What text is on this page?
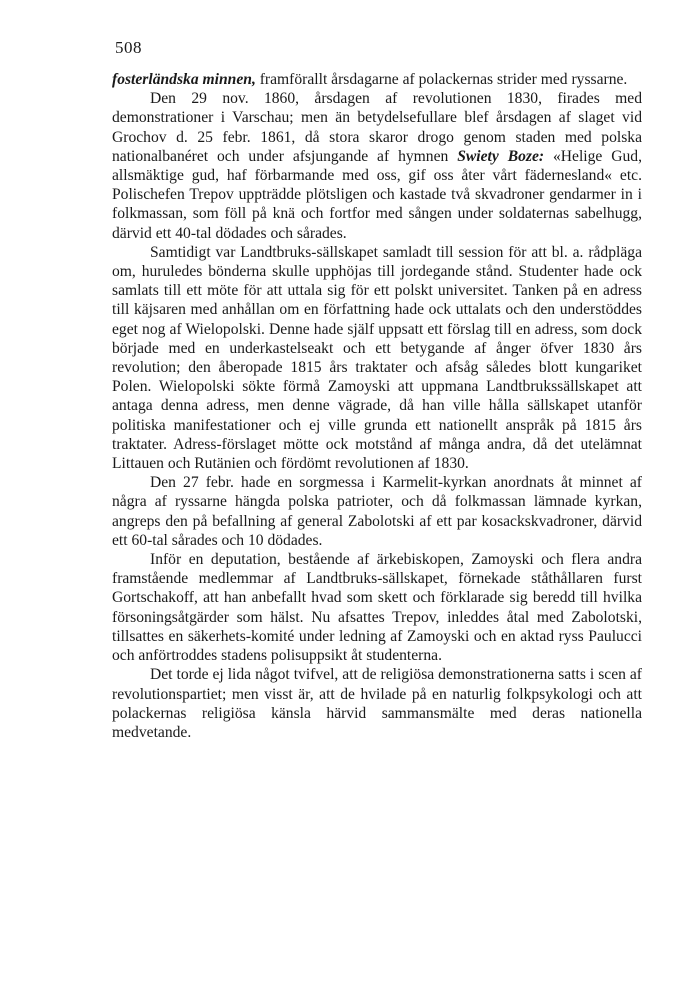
508

fosterländska minnen, framförallt årsdagarne af polackernas strider med ryssarne.

Den 29 nov. 1860, årsdagen af revolutionen 1830, firades med demonstrationer i Varschau; men än betydelsefullare blef årsdagen af slaget vid Grochov d. 25 febr. 1861, då stora skaror drogo genom staden med polska nationalbanéret och under afsjungande af hymnen Swiety Boze: «Helige Gud, allsmäktige gud, haf förbarmande med oss, gif oss åter vårt fädernesland« etc. Polischefen Trepov uppträdde plötsligen och kastade två skvadroner gendarmer in i folkmassan, som föll på knä och fortfor med sången under soldaternas sabelhugg, därvid ett 40-tal dödades och sårades.

Samtidigt var Landtbruks-sällskapet samladt till session för att bl. a. rådpläga om, huruledes bönderna skulle upphöjas till jordegande stånd. Studenter hade ock samlats till ett möte för att uttala sig för ett polskt universitet. Tanken på en adress till käjsaren med anhållan om en författning hade ock uttalats och den understöddes eget nog af Wielopolski. Denne hade själf uppsatt ett förslag till en adress, som dock började med en underkastelseakt och ett betygande af ånger öfver 1830 års revolution; den åberopade 1815 års traktater och afsåg således blott kungariket Polen. Wielopolski sökte förmå Zamoyski att uppmana Landtbrukssällskapet att antaga denna adress, men denne vägrade, då han ville hålla sällskapet utanför politiska manifestationer och ej ville grunda ett nationellt anspråk på 1815 års traktater. Adress-förslaget mötte ock motstånd af många andra, då det utelämnat Littauen och Rutänien och fördömt revolutionen af 1830.

Den 27 febr. hade en sorgmessa i Karmelit-kyrkan anordnats åt minnet af några af ryssarne hängda polska patrioter, och då folkmassan lämnade kyrkan, angreps den på befallning af general Zabolotski af ett par kosackskvadroner, därvid ett 60-tal sårades och 10 dödades.

Inför en deputation, bestående af ärkebiskopen, Zamoyski och flera andra framstående medlemmar af Landtbruks-sällskapet, förnekade ståthållaren furst Gortschakoff, att han anbefallt hvad som skett och förklarade sig beredd till hvilka försoningsåtgärder som hälst. Nu afsattes Trepov, inleddes åtal med Zabolotski, tillsattes en säkerhets-komité under ledning af Zamoyski och en aktad ryss Paulucci och anförtroddes stadens polisuppsikt åt studenterna.

Det torde ej lida något tvifvel, att de religiösa demonstrationerna satts i scen af revolutionspartiet; men visst är, att de hvilade på en naturlig folkpsykologi och att polackernas religiösa känsla härvid sammansmälte med deras nationella medvetande.
